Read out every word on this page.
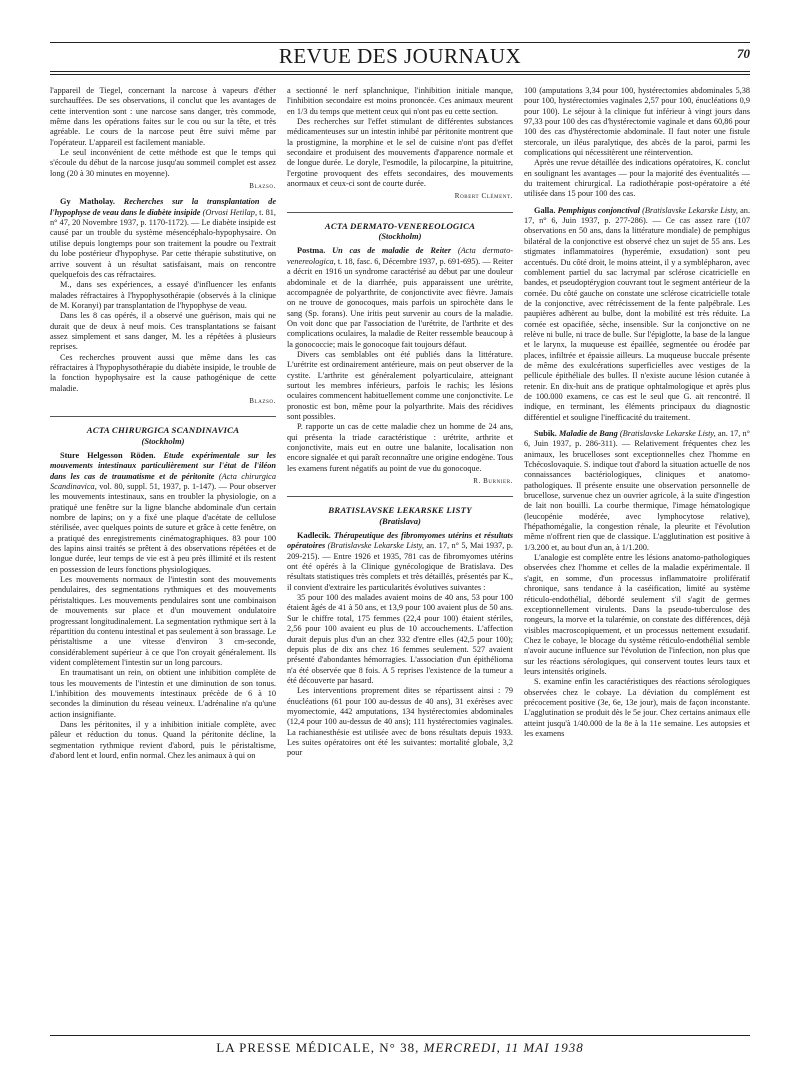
REVUE DES JOURNAUX	70

l'appareil de Tiegel, concernant la narcose à vapeurs d'éther surchauffées. De ses observations, il conclut que les avantages de cette intervention sont : une narcose sans danger, très commode, même dans les opérations faites sur le cou ou sur la tête, et très agréable. Le cours de la narcose peut être suivi même par l'opérateur. L'appareil est facilement maniable.

Le seul inconvénient de cette méthode est que le temps qui s'écoule du début de la narcose jusqu'au sommeil complet est assez long (20 à 30 minutes en moyenne).

Blazso.

Gy Matholay. Recherches sur la transplantation de l'hypophyse de veau dans le diabète insipide (Orvosi Hetilap, t. 81, n° 47, 20 Novembre 1937, p. 1170-1172). — Le diabète insipide est causé par un trouble du système mésencéphalo-hypophysaire. On utilise depuis longtemps pour son traitement la poudre ou l'extrait du lobe postérieur d'hypophyse. Par cette thérapie substitutive, on arrive souvent à un résultat satisfaisant, mais on rencontre quelquefois des cas réfractaires.

M., dans ses expériences, a essayé d'influencer les enfants malades réfractaires à l'hypophysothérapie (observés à la clinique de M. Koranyi) par transplantation de l'hypophyse de veau.

Dans les 8 cas opérés, il a observé une guérison, mais qui ne durait que de deux à neuf mois. Ces transplantations se faisant assez simplement et sans danger, M. les a répétées à plusieurs reprises.

Ces recherches prouvent aussi que même dans les cas réfractaires à l'hypophysothérapie du diabète insipide, le trouble de la fonction hypophysaire est la cause pathogénique de cette maladie.

Blazso.
ACTA CHIRURGICA SCANDINAVICA
(Stockholm)

Sture Helgesson Röden. Etude expérimentale sur les mouvements intestinaux particulièrement sur l'état de l'iléon dans les cas de traumatisme et de péritonite (Acta chirurgica Scandinavica, vol. 80, suppl. 51, 1937, p. 1-147). — Pour observer les mouvements intestinaux, sans en troubler la physiologie, on a pratiqué une fenêtre sur la ligne blanche abdominale d'un certain nombre de lapins; on y a fixé une plaque d'acétate de cellulose stérilisée, avec quelques points de suture et grâce à cette fenêtre, on a pratiqué des enregistrements cinématographiques. 83 pour 100 des lapins ainsi traités se prêtent à des observations répétées et de longue durée, leur temps de vie est à peu près illimité et ils restent en possession de leurs fonctions physiologiques.

Les mouvements normaux de l'intestin sont des mouvements pendulaires, des segmentations rythmiques et des mouvements péristaltiques. Les mouvements pendulaires sont une combinaison de mouvements sur place et d'un mouvement ondulatoire progressant longitudinalement. La segmentation rythmique sert à la répartition du contenu intestinal et pas seulement à son brassage. Le péristaltisme a une vitesse d'environ 3 cm-seconde, considérablement supérieur à ce que l'on croyait généralement. Ils vident complètement l'intestin sur un long parcours.

En traumatisant un rein, on obtient une inhibition complète de tous les mouvements de l'intestin et une diminution de son tonus. L'inhibition des mouvements intestinaux précède de 6 à 10 secondes la diminution du réseau veineux. L'adrénaline n'a qu'une action insignifiante.

Dans les péritonites, il y a inhibition initiale complète, avec pâleur et réduction du tonus. Quand la péritonite décline, la segmentation rythmique revient d'abord, puis le péristaltisme, d'abord lent et lourd, enfin normal. Chez les animaux à qui on

a sectionné le nerf splanchnique, l'inhibition initiale manque, l'inhibition secondaire est moins prononcée. Ces animaux meurent en 1/3 du temps que mettent ceux qui n'ont pas eu cette section.

Des recherches sur l'effet stimulant de différentes substances médicamenteuses sur un intestin inhibé par péritonite montrent que la prostigmine, la morphine et le sel de cuisine n'ont pas d'effet secondaire et produisent des mouvements d'apparence normale et de longue durée. Le doryle, l'esmodile, la pilocarpine, la pituitrine, l'ergotine provoquent des effets secondaires, des mouvements anormaux et ceux-ci sont de courte durée.

Robert Clément.
ACTA DERMATO-VENEREOLOGICA
(Stockholm)

Postma. Un cas de maladie de Reiter (Acta dermato-venereologica, t. 18, fasc. 6, Décembre 1937, p. 691-695). — Reiter a décrit en 1916 un syndrome caractérisé au début par une douleur abdominale et de la diarrhée, puis apparaissent une urétrite, accompagnée de polyarthrite, de conjonctivite avec fièvre. Jamais on ne trouve de gonocoques, mais parfois un spirochète dans le sang (Sp. forans). Une iritis peut survenir au cours de la maladie. On voit donc que par l'association de l'urétrite, de l'arthrite et des complications oculaires, la maladie de Reiter ressemble beaucoup à la gonococcie; mais le gonocoque fait toujours défaut.

Divers cas semblables ont été publiés dans la littérature. L'urétrite est ordinairement antérieure, mais on peut observer de la cystite. L'arthrite est généralement polyarticulaire, atteignant surtout les membres inférieurs, parfois le rachis; les lésions oculaires commencent habituellement comme une conjonctivite. Le pronostic est bon, même pour la polyarthrite. Mais des récidives sont possibles.

P. rapporte un cas de cette maladie chez un homme de 24 ans, qui présenta la triade caractéristique : urétrite, arthrite et conjonctivite, mais eut en outre une balanite, localisation non encore signalée et qui paraît reconnaître une origine endogène. Tous les examens furent négatifs au point de vue du gonocoque.

R. Burnier.
BRATISLAVSKE LEKARSKE LISTY
(Bratislava)

Kadlecik. Thérapeutique des fibromyomes utérins et résultats opératoires (Bratislavske Lekarske Listy, an. 17, n° 5, Mai 1937, p. 209-215). — Entre 1926 et 1935, 781 cas de fibromyomes utérins ont été opérés à la Clinique gynécologique de Bratislava. Des résultats statistiques très complets et très détaillés, présentés par K., il convient d'extraire les particularités évolutives suivantes :

35 pour 100 des malades avaient moins de 40 ans, 53 pour 100 étaient âgés de 41 à 50 ans, et 13,9 pour 100 avaient plus de 50 ans. Sur le chiffre total, 175 femmes (22,4 pour 100) étaient stériles, 2,56 pour 100 avaient eu plus de 10 accouchements. L'affection durait depuis plus d'un an chez 332 d'entre elles (42,5 pour 100); depuis plus de dix ans chez 16 femmes seulement. 527 avaient présenté d'abondantes hémorragies. L'association d'un épithélioma n'a été observée que 8 fois. A 5 reprises l'existence de la tumeur a été découverte par hasard.

Les interventions proprement dites se répartissent ainsi : 79 énucléations (61 pour 100 au-dessus de 40 ans), 31 exérèses avec myomectomie, 442 amputations, 134 hystérectomies abdominales (12,4 pour 100 au-dessus de 40 ans); 111 hystérectomies vaginales. La rachianesthésie est utilisée avec de bons résultats depuis 1933. Les suites opératoires ont été les suivantes: mortalité globale, 3,2 pour

100 (amputations 3,34 pour 100, hystérectomies abdominales 5,38 pour 100, hystérectomies vaginales 2,57 pour 100, énucléations 0,9 pour 100). Le séjour à la clinique fut inférieur à vingt jours dans 97,33 pour 100 des cas d'hystérectomie vaginale et dans 60,86 pour 100 des cas d'hystérectomie abdominale. Il faut noter une fistule stercorale, un iléus paralytique, des abcès de la paroi, parmi les complications qui nécessitèrent une réintervention.

Après une revue détaillée des indications opératoires, K. conclut en soulignant les avantages — pour la majorité des éventualités — du traitement chirurgical. La radiothérapie post-opératoire a été utilisée dans 15 pour 100 des cas.

Galla. Pemphigus conjonctival (Bratislavske Lekarske Listy, an. 17, n° 6, Juin 1937, p. 277-286). — Ce cas assez rare (107 observations en 50 ans, dans la littérature mondiale) de pemphigus bilatéral de la conjonctive est observé chez un sujet de 55 ans. Les stigmates inflammatoires (hyperémie, exsudation) sont peu accentués. Du côté droit, le moins atteint, il y a symblépharon, avec comblement partiel du sac lacrymal par sclérose cicatricielle en bandes, et pseudoptérygion couvrant tout le segment antérieur de la cornée. Du côté gauche on constate une sclérose cicatricielle totale de la conjonctive, avec rétrécissement de la fente palpébrale. Les paupières adhèrent au bulbe, dont la mobilité est très réduite. La cornée est opacifiée, sèche, insensible. Sur la conjonctive on ne relève ni bulle, ni trace de bulle. Sur l'épiglotte, la base de la langue et le larynx, la muqueuse est épaillée, segmentée ou érodée par places, infiltrée et épaissie ailleurs. La muqueuse buccale présente de même des exulcérations superficielles avec vestiges de la pellicule épithéliale des bulles. Il n'existe aucune lésion cutanée à retenir. En dix-huit ans de pratique ophtalmologique et après plus de 100.000 examens, ce cas est le seul que G. ait rencontré. Il indique, en terminant, les éléments principaux du diagnostic différentiel et souligne l'inefficacité du traitement.

Subik. Maladie de Bang (Bratislavske Lekarske Listy, an. 17, n° 6, Juin 1937, p. 286-311). — Relativement fréquentes chez les animaux, les brucelloses sont exceptionnelles chez l'homme en Tchécoslovaquie. S. indique tout d'abord la situation actuelle de nos connaissances bactériologiques, cliniques et anatomo-pathologiques. Il présente ensuite une observation personnelle de brucellose, survenue chez un ouvrier agricole, à la suite d'ingestion de lait non bouilli. La courbe thermique, l'image hématologique (leucopénie modérée, avec lymphocytose relative), l'hépathomégalie, la congestion rénale, la pleurite et l'évolution même n'offrent rien que de classique. L'agglutination est positive à 1/3.200 et, au bout d'un an, à 1/1.200.

L'analogie est complète entre les lésions anatomo-pathologiques observées chez l'homme et celles de la maladie expérimentale. Il s'agit, en somme, d'un processus inflammatoire prolifératif chronique, sans tendance à la caséification, limité au système réticulo-endothélial, débordé seulement s'il s'agit de germes exceptionnellement virulents. Dans la pseudo-tuberculose des rongeurs, la morve et la tularémie, on constate des différences, déjà visibles macroscopiquement, et un processus nettement exsudatif. Chez le cobaye, le blocage du système réticulo-endothélial semble n'avoir aucune influence sur l'évolution de l'infection, non plus que sur les réactions sérologiques, qui conservent toutes leurs taux et leurs intensités originels.

S. examine enfin les caractéristiques des réactions sérologiques observées chez le cobaye. La déviation du complément est précocement positive (3e, 6e, 13e jour), mais de façon inconstante. L'agglutination se produit dès le 5e jour. Chez certains animaux elle atteint jusqu'à 1/40.000 de la 8e à la 11e semaine. Les autopsies et les examens

LA PRESSE MÉDICALE, N° 38, MERCREDI, 11 MAI 1938
